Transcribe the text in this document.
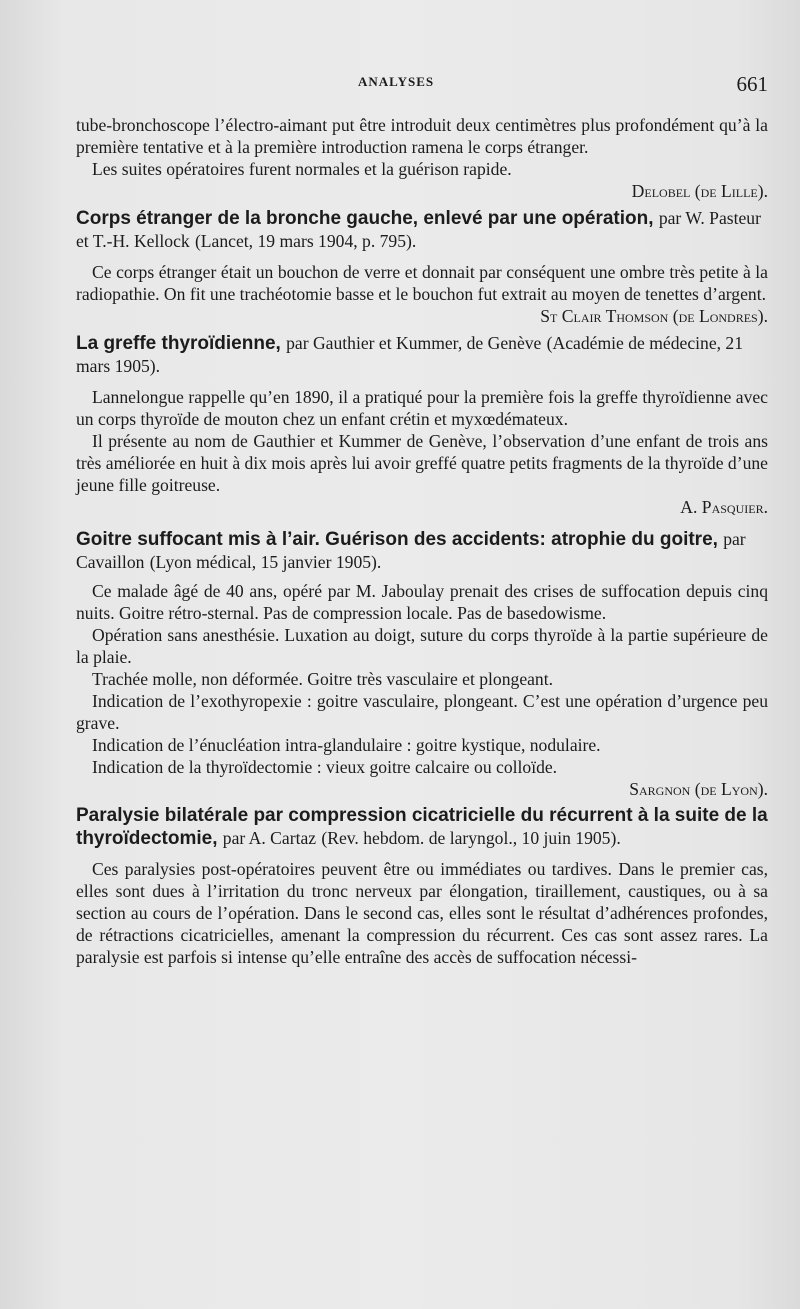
ANALYSES	661

tube-bronchoscope l’électro-aimant put être introduit deux centimètres plus profondément qu’à la première tentative et à la première introduction ramena le corps étranger.

Les suites opératoires furent normales et la guérison rapide.

Delobel (de Lille).
Corps étranger de la bronche gauche, enlevé par une opération, par W. Pasteur et T.-H. Kellock (Lancet, 19 mars 1904, p. 795).

Ce corps étranger était un bouchon de verre et donnait par conséquent une ombre très petite à la radiopathie. On fit une trachéotomie basse et le bouchon fut extrait au moyen de tenettes d’argent.

St Clair Thomson (de Londres).
La greffe thyroïdienne, par Gauthier et Kummer, de Genève (Académie de médecine, 21 mars 1905).

Lannelongue rappelle qu’en 1890, il a pratiqué pour la première fois la greffe thyroïdienne avec un corps thyroïde de mouton chez un enfant crétin et myxœdémateux.

Il présente au nom de Gauthier et Kummer de Genève, l’observation d’une enfant de trois ans très améliorée en huit à dix mois après lui avoir greffé quatre petits fragments de la thyroïde d’une jeune fille goitreuse.

A. Pasquier.
Goitre suffocant mis à l’air. Guérison des accidents: atrophie du goitre, par Cavaillon (Lyon médical, 15 janvier 1905).

Ce malade âgé de 40 ans, opéré par M. Jaboulay prenait des crises de suffocation depuis cinq nuits. Goitre rétro-sternal. Pas de compression locale. Pas de basedowisme.

Opération sans anesthésie. Luxation au doigt, suture du corps thyroïde à la partie supérieure de la plaie.

Trachée molle, non déformée. Goitre très vasculaire et plongeant.

Indication de l’exothyropexie : goitre vasculaire, plongeant. C’est une opération d’urgence peu grave.

Indication de l’énucléation intra-glandulaire : goitre kystique, nodulaire.

Indication de la thyroïdectomie : vieux goitre calcaire ou colloïde.

Sargnon (de Lyon).
Paralysie bilatérale par compression cicatricielle du récurrent à la suite de la thyroïdectomie, par A. Cartaz (Rev. hebdom. de laryngol., 10 juin 1905).

Ces paralysies post-opératoires peuvent être ou immédiates ou tardives. Dans le premier cas, elles sont dues à l’irritation du tronc nerveux par élongation, tiraillement, caustiques, ou à sa section au cours de l’opération. Dans le second cas, elles sont le résultat d’adhérences profondes, de rétractions cicatricielles, amenant la compression du récurrent. Ces cas sont assez rares. La paralysie est parfois si intense qu’elle entraîne des accès de suffocation nécessi-
